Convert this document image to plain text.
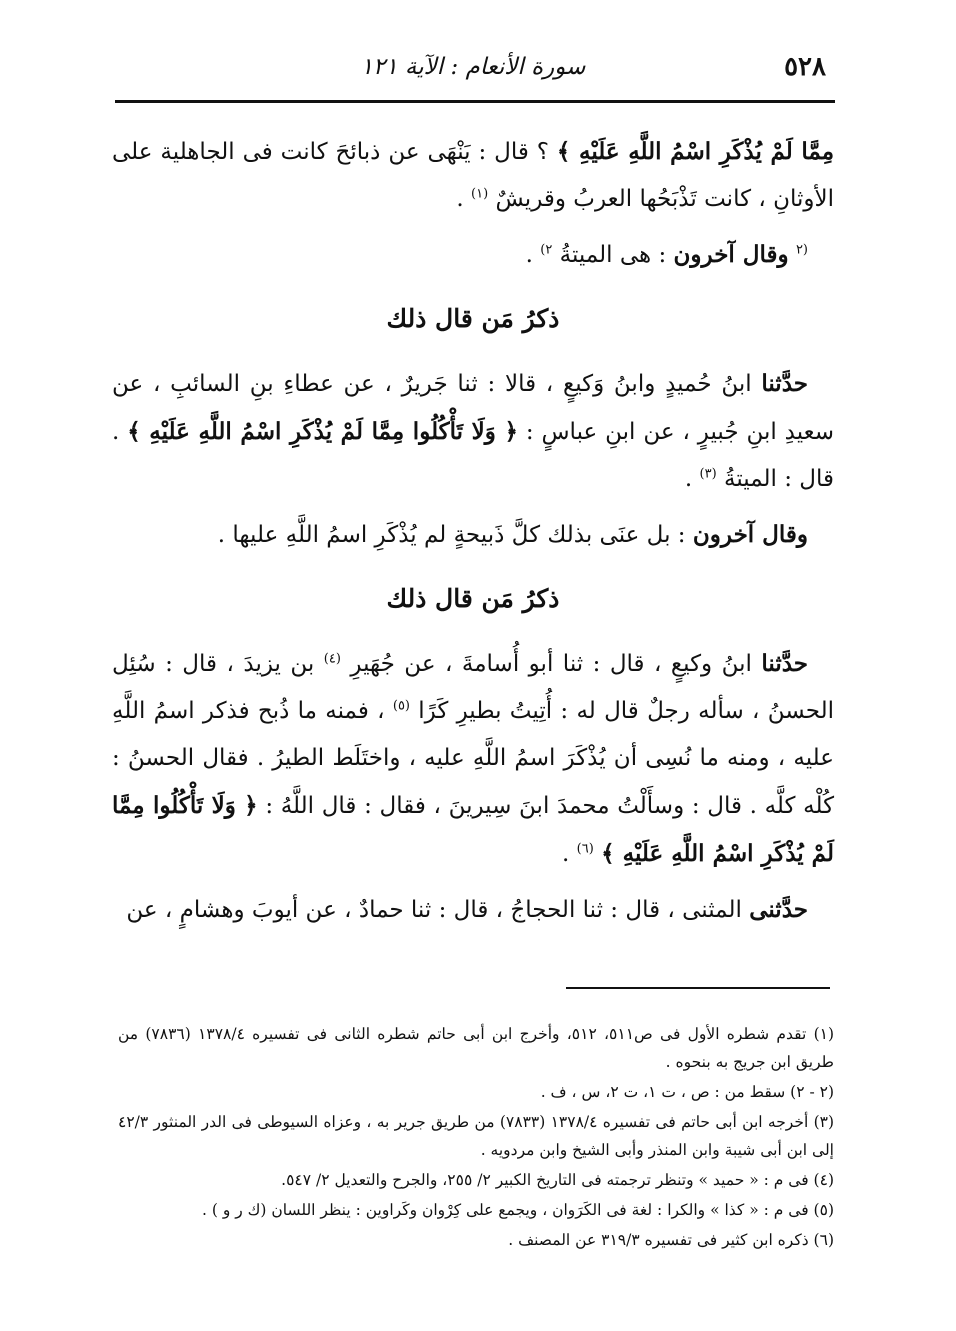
٥٢٨
سورة الأنعام : الآية ١٢١

مِمَّا لَمْ يُذْكَرِ اسْمُ اللَّهِ عَلَيْهِ ﴾ ؟ قال : يَنْهَى عن ذبائحَ كانت فى الجاهلية على الأوثانِ ، كانت تَذْبَحُها العربُ وقريشٌ $^{(١)}$ .

$^{(٢}$ وقال آخرون : هى الميتةُ $^{٢)}$ .

ذكرُ مَن قال ذلك

حدَّثنا ابنُ حُميدٍ وابنُ وَكيعٍ ، قالا : ثنا جَريرٌ ، عن عطاءِ بنِ السائبِ ، عن سعيدِ ابنِ جُبيرٍ ، عن ابنِ عباسٍ : ﴿ وَلَا تَأْكُلُوا مِمَّا لَمْ يُذْكَرِ اسْمُ اللَّهِ عَلَيْهِ ﴾ . قال : الميتةُ $^{(٣)}$ .

وقال آخرون : بل عنَى بذلك كلَّ ذَبيحةٍ لم يُذْكَرِ اسمُ اللَّهِ عليها .

ذكرُ مَن قال ذلك

حدَّثنا ابنُ وكيعٍ ، قال : ثنا أبو أُسامةَ ، عن جُهَيرِ $^{(٤)}$ بن يزيدَ ، قال : سُئِل الحسنُ ، سأله رجلٌ قال له : أُتِيتُ بطيرِ كَرًا $^{(٥)}$ ، فمنه ما ذُبح فذكر اسمُ اللَّهِ عليه ، ومنه ما نُسِى أن يُذْكَرَ اسمُ اللَّهِ عليه ، واختَلَط الطيرُ . فقال الحسنُ : كُلْه كلَّه . قال : وسأَلْتُ محمدَ ابنَ سِيرينَ ، فقال : قال اللَّهُ : ﴿ وَلَا تَأْكُلُوا مِمَّا لَمْ يُذْكَرِ اسْمُ اللَّهِ عَلَيْهِ ﴾ $^{(٦)}$ .

حدَّثنى المثنى ، قال : ثنا الحجاجُ ، قال : ثنا حمادٌ ، عن أيوبَ وهشامٍ ، عن

(١) تقدم شطره الأول فى ص٥١١، ٥١٢، وأخرج ابن أبى حاتم شطره الثانى فى تفسيره ١٣٧٨/٤ (٧٨٣٦) من طريق ابن جريج به بنحوه .

(٢ - ٢) سقط من : ص ، ت ١، ت ٢، س ، ف .

(٣) أخرجه ابن أبى حاتم فى تفسيره ١٣٧٨/٤ (٧٨٣٣) من طريق جرير به ، وعزاه السيوطى فى الدر المنثور ٤٢/٣ إلى ابن أبى شيبة وابن المنذر وأبى الشيخ وابن مردويه .

(٤) فى م : « حميد » وتنظر ترجمته فى التاريخ الكبير ٢/ ٢٥٥، والجرح والتعديل ٢/ ٥٤٧.

(٥) فى م : « كذا » والكرا : لغة فى الكَرَوان ، ويجمع على كِرْوان وكَراوين : ينظر اللسان (ك ر و ) .

(٦) ذكره ابن كثير فى تفسيره ٣١٩/٣ عن المصنف .
